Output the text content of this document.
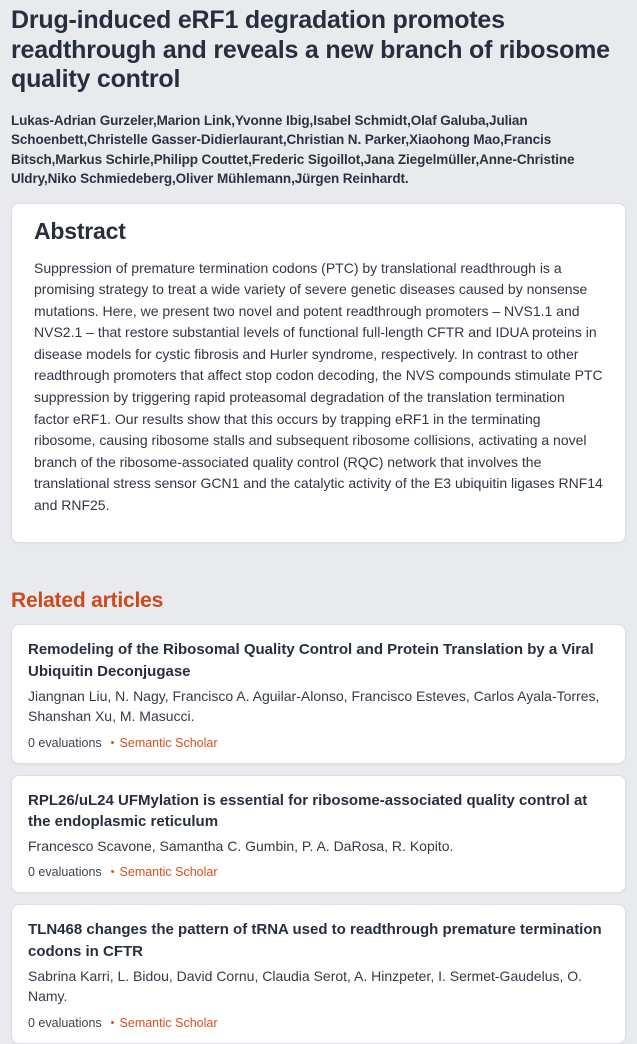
Drug-induced eRF1 degradation promotes readthrough and reveals a new branch of ribosome quality control

Lukas-Adrian Gurzeler,Marion Link,Yvonne Ibig,Isabel Schmidt,Olaf Galuba,Julian Schoenbett,Christelle Gasser-Didierlaurant,Christian N. Parker,Xiaohong Mao,Francis Bitsch,Markus Schirle,Philipp Couttet,Frederic Sigoillot,Jana Ziegelmüller,Anne-Christine Uldry,Niko Schmiedeberg,Oliver Mühlemann,Jürgen Reinhardt.

Abstract

Suppression of premature termination codons (PTC) by translational readthrough is a promising strategy to treat a wide variety of severe genetic diseases caused by nonsense mutations. Here, we present two novel and potent readthrough promoters – NVS1.1 and NVS2.1 – that restore substantial levels of functional full-length CFTR and IDUA proteins in disease models for cystic fibrosis and Hurler syndrome, respectively. In contrast to other readthrough promoters that affect stop codon decoding, the NVS compounds stimulate PTC suppression by triggering rapid proteasomal degradation of the translation termination factor eRF1. Our results show that this occurs by trapping eRF1 in the terminating ribosome, causing ribosome stalls and subsequent ribosome collisions, activating a novel branch of the ribosome-associated quality control (RQC) network that involves the translational stress sensor GCN1 and the catalytic activity of the E3 ubiquitin ligases RNF14 and RNF25.

Related articles
Remodeling of the Ribosomal Quality Control and Protein Translation by a Viral Ubiquitin Deconjugase

Jiangnan Liu, N. Nagy, Francisco A. Aguilar-Alonso, Francisco Esteves, Carlos Ayala-Torres, Shanshan Xu, M. Masucci.

0 evaluations • Semantic Scholar
RPL26/uL24 UFMylation is essential for ribosome-associated quality control at the endoplasmic reticulum

Francesco Scavone, Samantha C. Gumbin, P. A. DaRosa, R. Kopito.

0 evaluations • Semantic Scholar
TLN468 changes the pattern of tRNA used to readthrough premature termination codons in CFTR

Sabrina Karri, L. Bidou, David Cornu, Claudia Serot, A. Hinzpeter, I. Sermet-Gaudelus, O. Namy.

0 evaluations • Semantic Scholar
